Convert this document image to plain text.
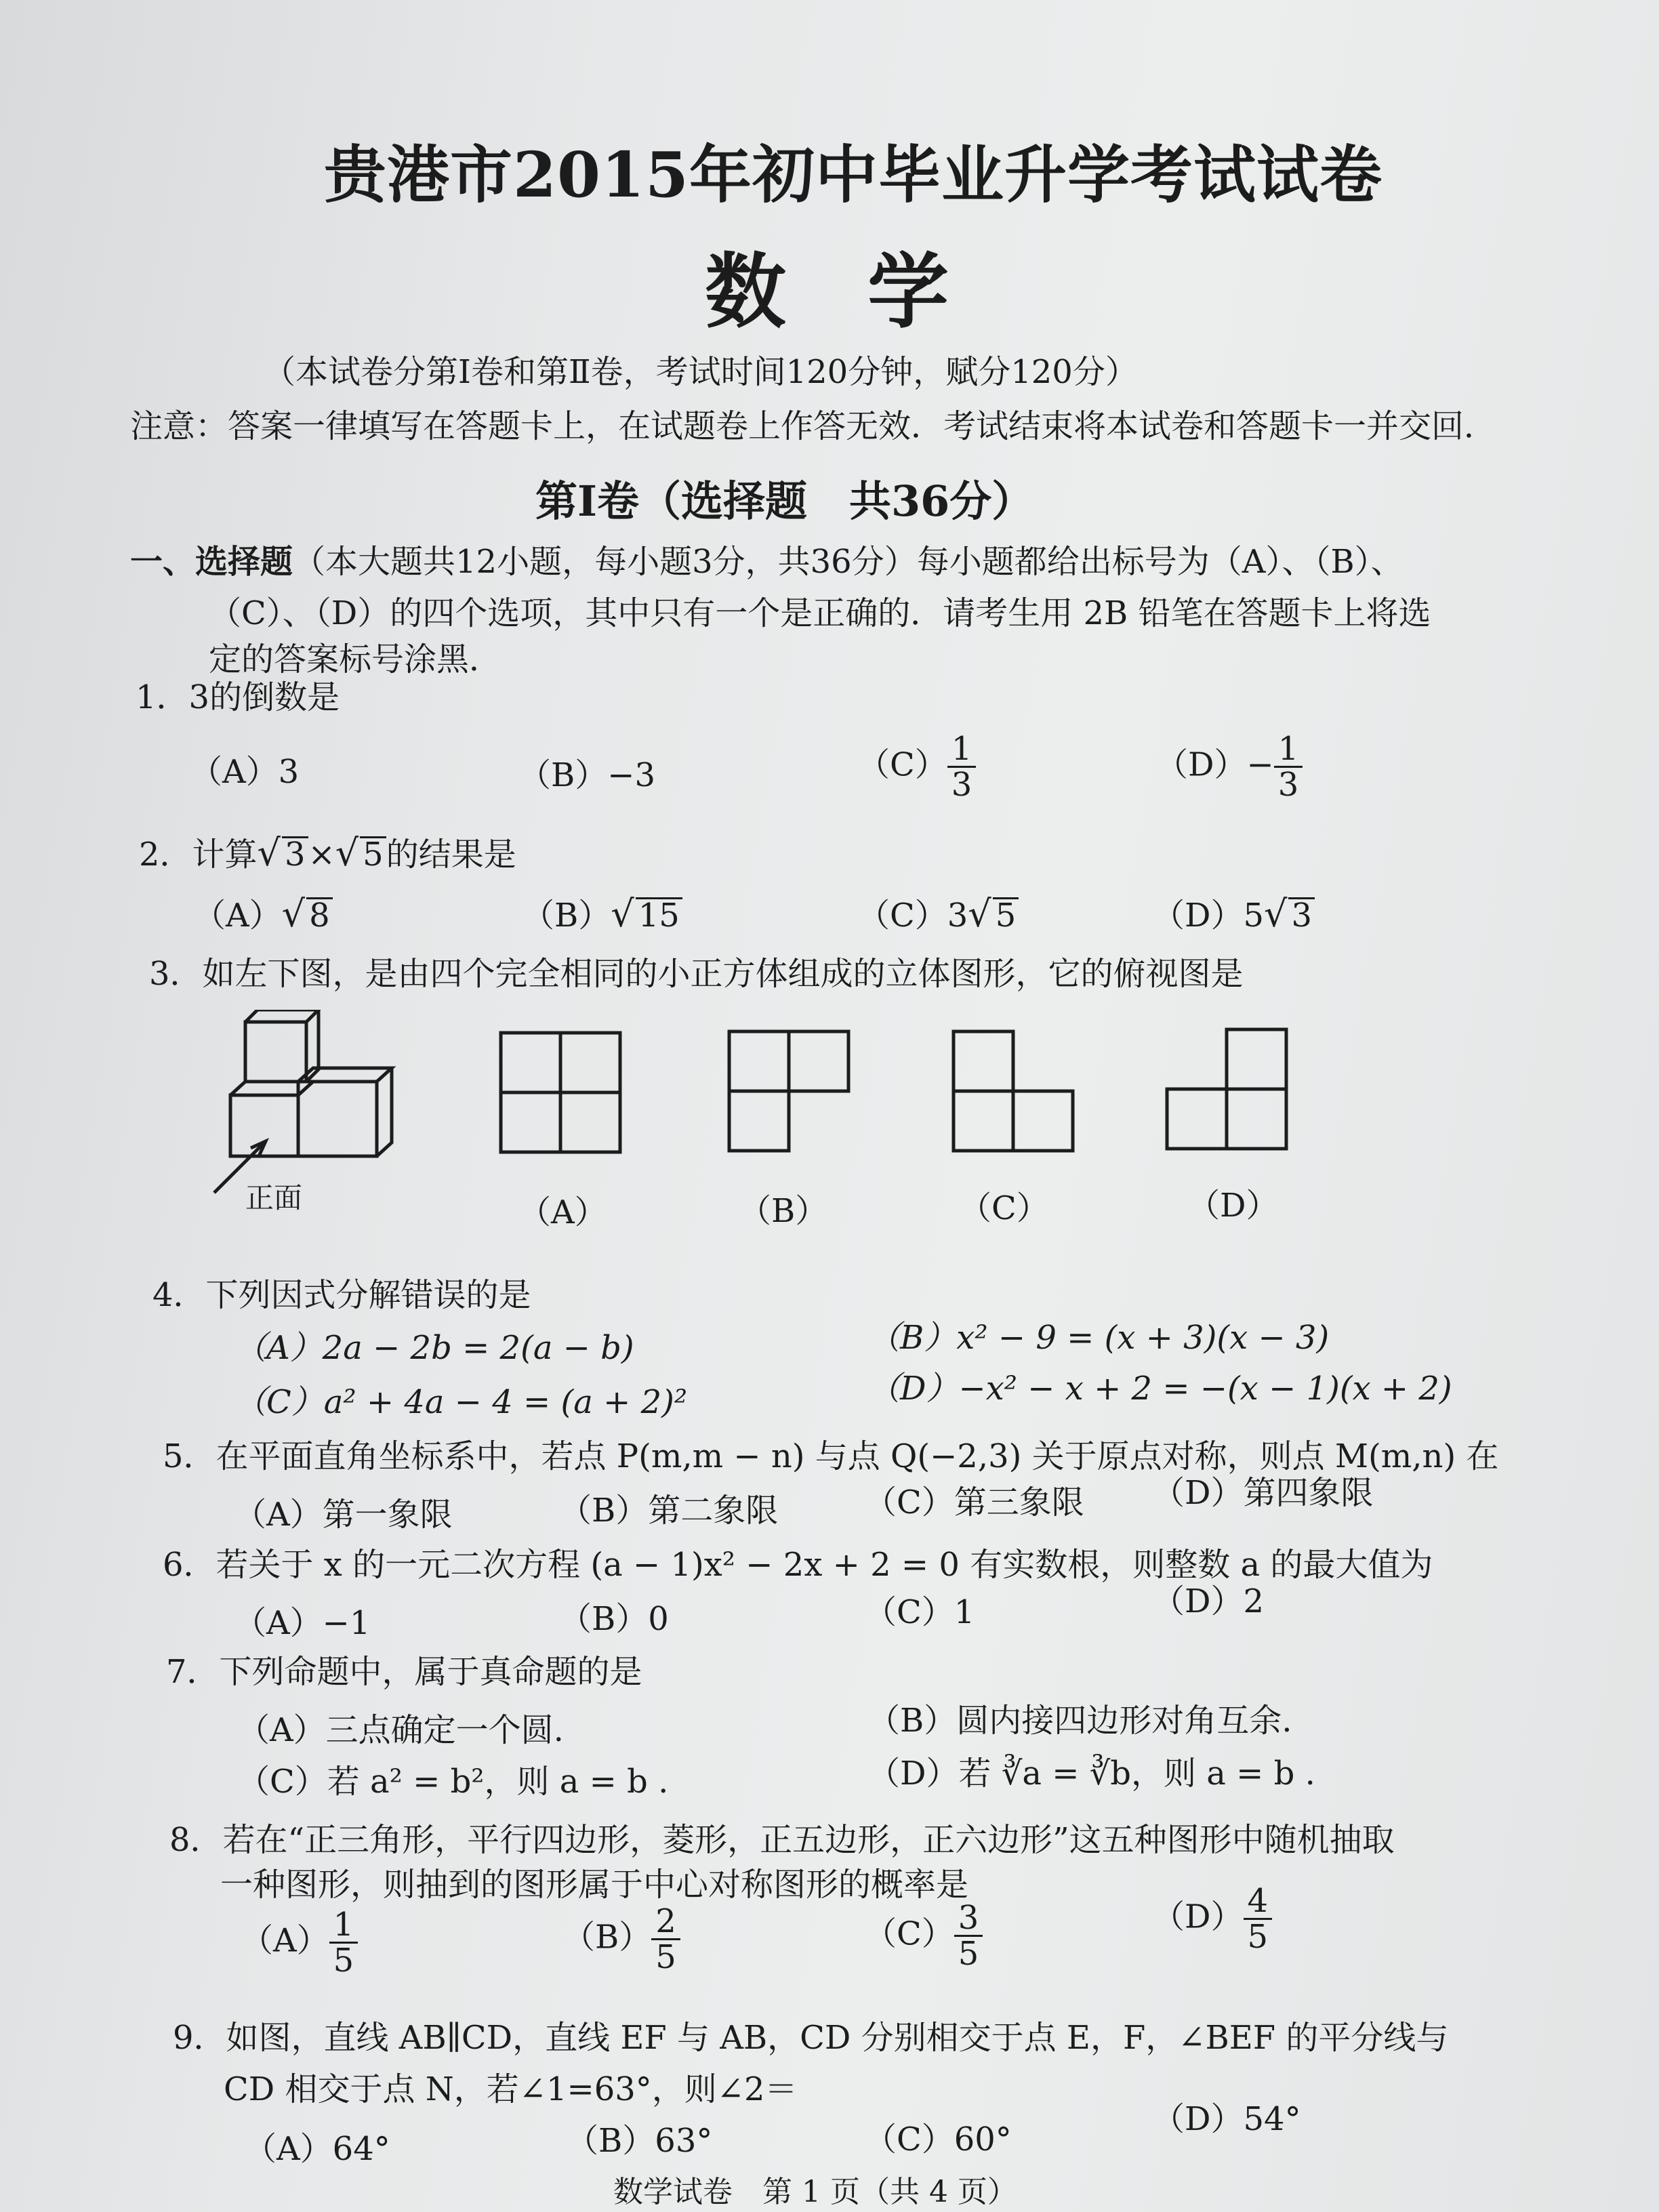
贵港市2015年初中毕业升学考试试卷
数学
（本试卷分第Ⅰ卷和第Ⅱ卷，考试时间120分钟，赋分120分）
注意：答案一律填写在答题卡上，在试题卷上作答无效．考试结束将本试卷和答题卡一并交回．
第Ⅰ卷（选择题　共36分）
一、选择题（本大题共12小题，每小题3分，共36分）每小题都给出标号为（A）、（B）、
（C）、（D）的四个选项，其中只有一个是正确的．请考生用 2B 铅笔在答题卡上将选
定的答案标号涂黑．
1．3的倒数是
（A）3	（B）−3	$(C) \frac{1}{3}$	$(D)- \frac{1}{3}$
2．计算√ 3×√ 5的结果是
（A）√ 8	（B）√ 15	（C）3√ 5	（D）5√ 3
3．如左下图，是由四个完全相同的小正方体组成的立体图形，它的俯视图是
正面	（A）	（B）	（C）	（D）
4．下列因式分解错误的是
（A）2a − 2b = 2(a − b)	（B）x² − 9 = (x + 3)(x − 3)
（C）a² + 4a − 4 = (a + 2)²	（D）−x² − x + 2 = −(x − 1)(x + 2)
5．在平面直角坐标系中，若点 P(m,m − n) 与点 Q(−2,3) 关于原点对称，则点 M(m,n) 在
（A）第一象限	（B）第二象限	（C）第三象限 （D）第四象限
6．若关于 x 的一元二次方程 (a − 1)x² − 2x + 2 = 0 有实数根，则整数 a 的最大值为
（A）−1	（B）0	（C）1	（D）2
7．下列命题中，属于真命题的是
（A）三点确定一个圆.	（B）圆内接四边形对角互余.
（C）若 a² = b²，则 a = b .	（D）若 ∛a = ∛b，则 a = b .
8．若在“正三角形，平行四边形，菱形，正五边形，正六边形”这五种图形中随机抽取
一种图形，则抽到的图形属于中心对称图形的概率是
$(A) \frac{1}{5}$	$(B) \frac{2}{5}$	$(C) \frac{3}{5}$	$(D) \frac{4}{5}$
9．如图，直线 AB∥CD，直线 EF 与 AB，CD 分别相交于点 E，F，∠BEF 的平分线与
CD 相交于点 N，若∠1=63°，则∠2＝
（A）64°	（B）63°	（C）60°
（D）54°
数学试卷　第 1 页（共 4 页）
